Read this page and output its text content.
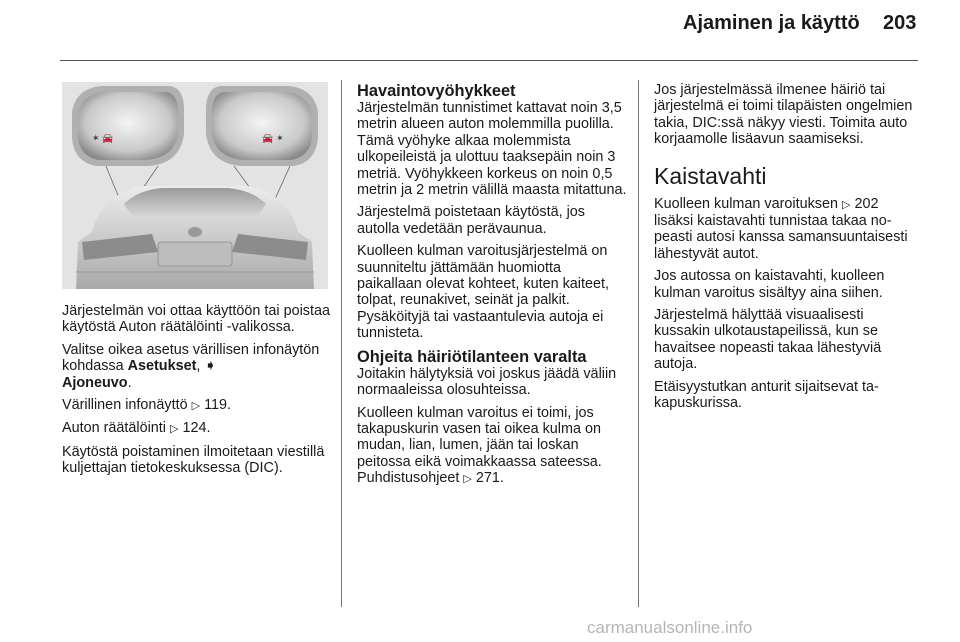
Ajaminen ja käyttö 203
✶ 🚘	🚘 ✶

Järjestelmän voi ottaa käyttöön tai poistaa käytöstä Auton räätälöinti -valikossa.

Valitse oikea asetus värillisen infonäytön kohdassa Asetukset, ➧
Ajoneuvo.

Värillinen infonäyttö ▷ 119.

Auton räätälöinti ▷ 124.

Käytöstä poistaminen ilmoitetaan viestillä kuljettajan tietokeskuksessa (DIC).

Havaintovyöhykkeet

Järjestelmän tunnistimet kattavat noin 3,5 metrin alueen auton molemmilla puolilla. Tämä vyöhyke alkaa molemmista ulkopeileistä ja ulottuu taaksepäin noin 3 metriä. Vyöhykkeen korkeus on noin 0,5 metrin ja 2 metrin välillä maasta mitattuna.

Järjestelmä poistetaan käytöstä, jos autolla vedetään perävaunua.

Kuolleen kulman varoitusjärjestelmä on suunniteltu jättämään huomiotta paikallaan olevat kohteet, kuten kaiteet, tolpat, reunakivet, seinät ja palkit. Pysäköityjä tai vastaantulevia autoja ei tunnisteta.

Ohjeita häiriötilanteen varalta

Joitakin hälytyksiä voi joskus jäädä väliin normaaleissa olosuhteissa.

Kuolleen kulman varoitus ei toimi, jos takapuskurin vasen tai oikea kulma on mudan, lian, lumen, jään tai loskan peitossa eikä voimakkaassa sateessa. Puhdistusohjeet ▷ 271.

Jos järjestelmässä ilmenee häiriö tai järjestelmä ei toimi tilapäisten ongelmien takia, DIC:ssä näkyy viesti. Toimita auto korjaamolle lisäavun saamiseksi.

Kaistavahti

Kuolleen kulman varoituksen ▷ 202
lisäksi kaistavahti tunnistaa takaa nopeasti autosi kanssa samansuuntaisesti lähestyvät autot.

Jos autossa on kaistavahti, kuolleen kulman varoitus sisältyy aina siihen.

Järjestelmä hälyttää visuaalisesti kussakin ulkotaustapeilissä, kun se havaitsee nopeasti takaa lähestyviä autoja.

Etäisyystutkan anturit sijaitsevat takapuskurissa.

carmanualsonline.info
